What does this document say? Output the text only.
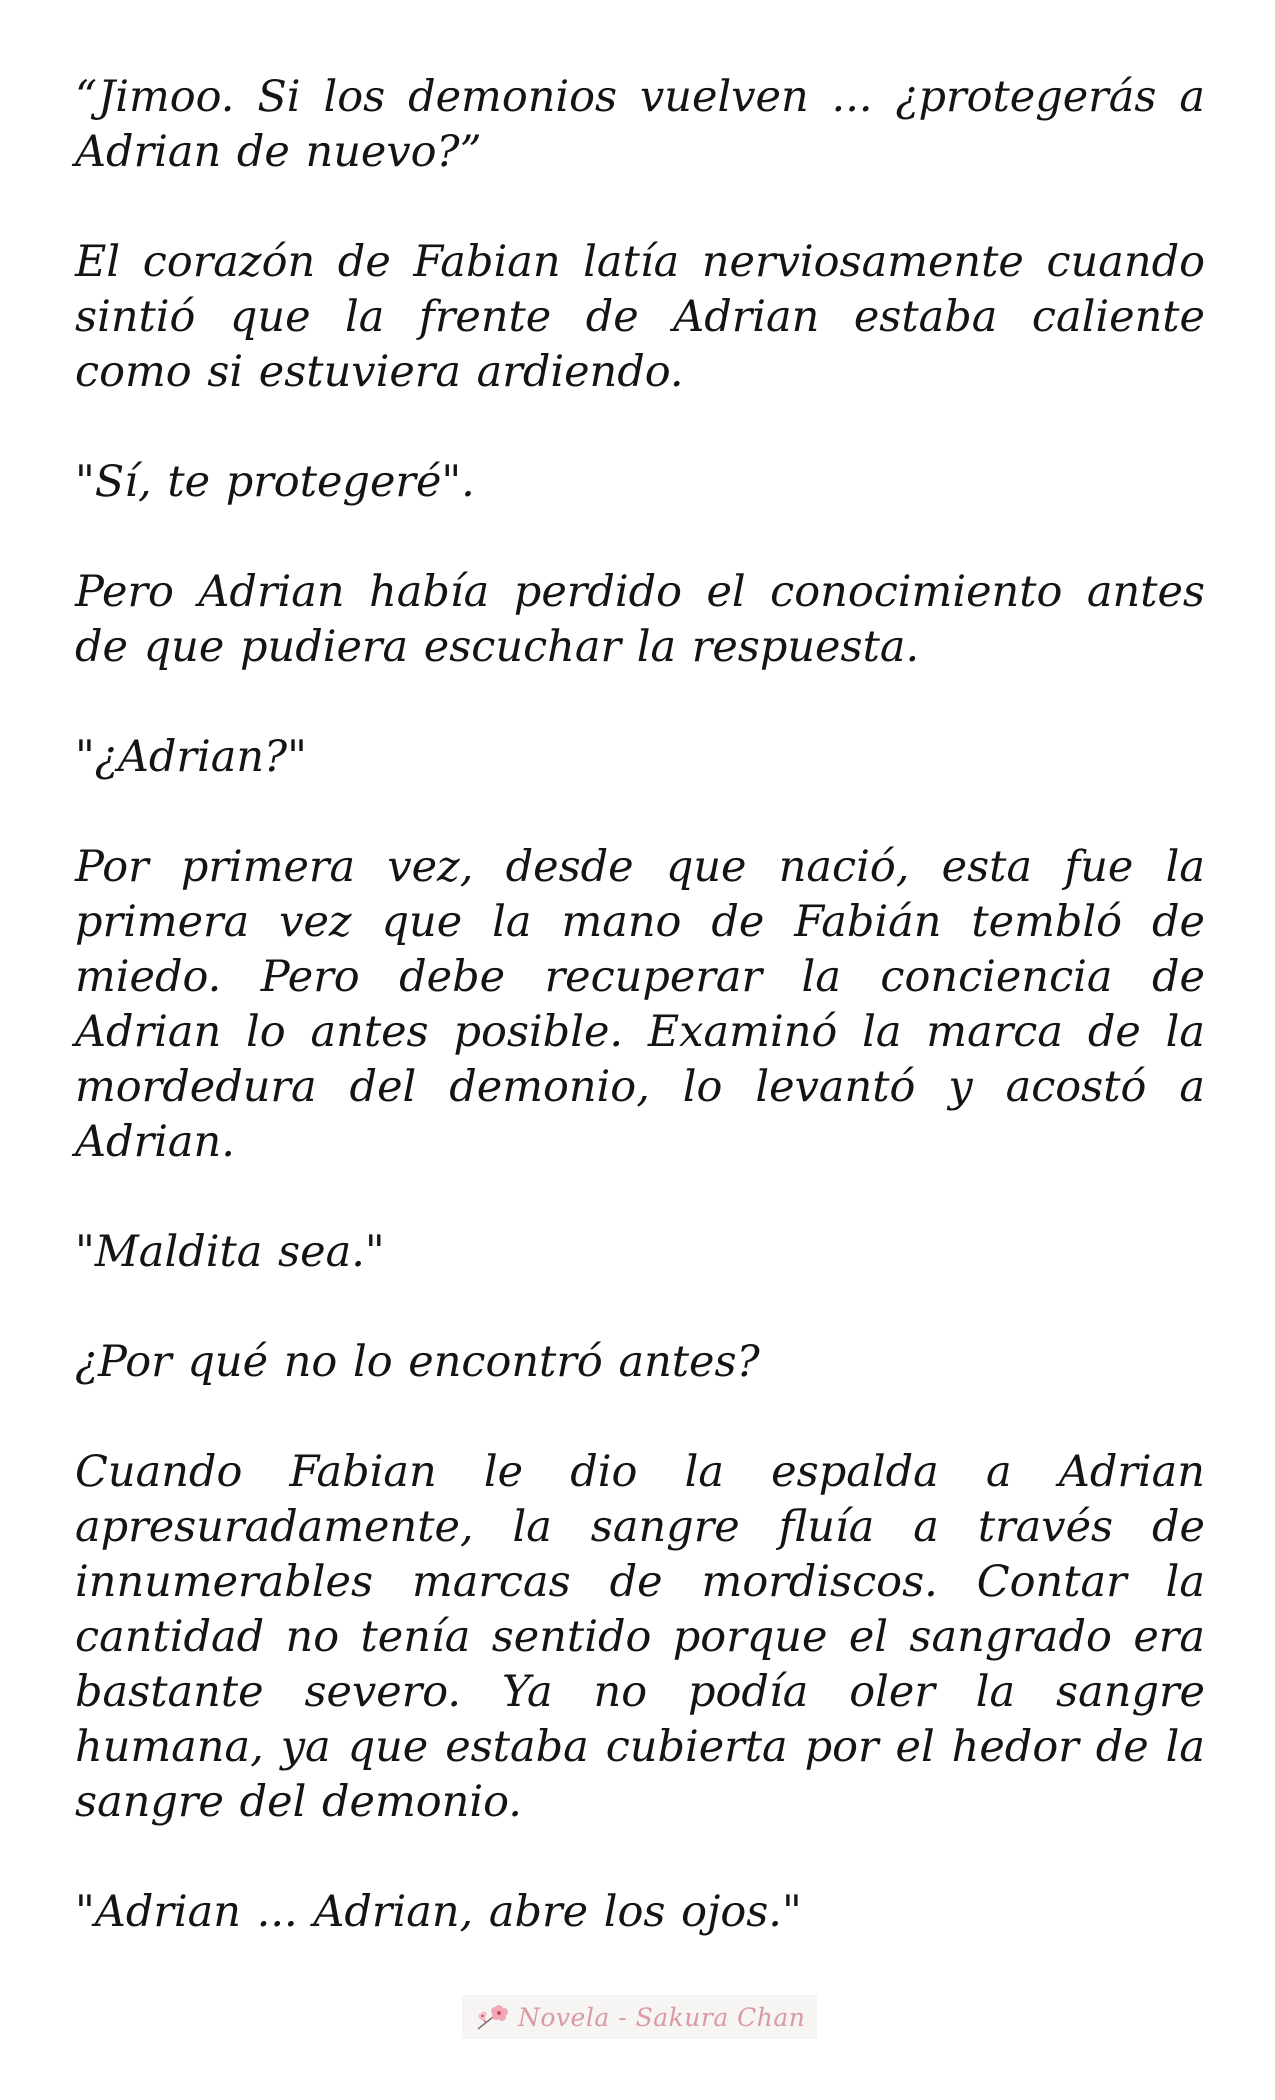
“Jimoo. Si los demonios vuelven ... ¿protegerás a Adrian de nuevo?”

El corazón de Fabian latía nerviosamente cuando sintió que la frente de Adrian estaba caliente como si estuviera ardiendo.

"Sí, te protegeré".

Pero Adrian había perdido el conocimiento antes de que pudiera escuchar la respuesta.

"¿Adrian?"

Por primera vez, desde que nació, esta fue la primera vez que la mano de Fabián tembló de miedo. Pero debe recuperar la conciencia de Adrian lo antes posible. Examinó la marca de la mordedura del demonio, lo levantó y acostó a Adrian.

"Maldita sea."

¿Por qué no lo encontró antes?

Cuando Fabian le dio la espalda a Adrian apresuradamente, la sangre fluía a través de innumerables marcas de mordiscos. Contar la cantidad no tenía sentido porque el sangrado era bastante severo. Ya no podía oler la sangre humana, ya que estaba cubierta por el hedor de la sangre del demonio.

"Adrian ... Adrian, abre los ojos."

Novela - Sakura Chan
